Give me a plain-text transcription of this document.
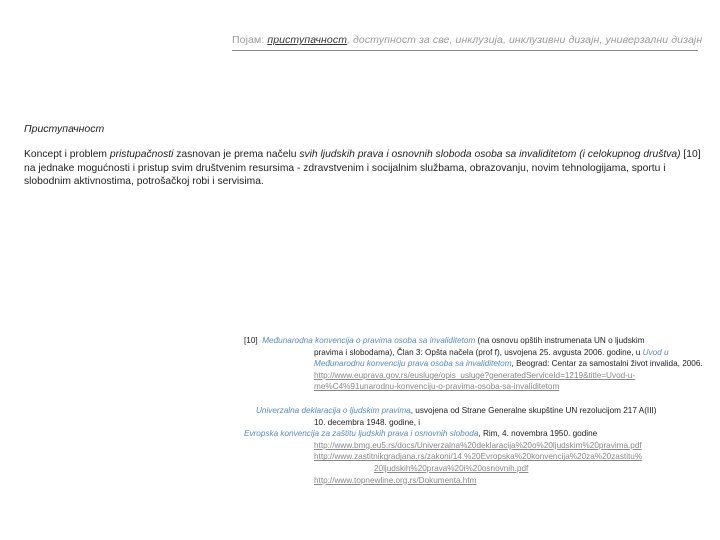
Појам: приступачност, доступност за све, инклузија, инклузивни дизајн, универзални дизајн
Приступачност
Koncept i problem pristupačnosti zasnovan je prema načelu svih ljudskih prava i osnovnih sloboda osoba sa invaliditetom (i celokupnog društva) [10] na jednake mogućnosti i pristup svim društvenim resursima - zdravstvenim i socijalnim službama, obrazovanju, novim tehnologijama, sportu i slobodnim aktivnostima, potrošačkoj robi i servisima.
[10] Međunarodna konvencija o pravima osoba sa invaliditetom (na osnovu opštih instrumenata UN o ljudskim
pravima i slobodama), Član 3: Opšta načela (prof f), usvojena 25. avgusta 2006. godine, u Uvod u
Međunarodnu konvenciju prava osoba sa invaliditetom, Beograd: Centar za samostalni život invalida, 2006.
http://www.euprava.gov.rs/eusluge/opis_usluge?generatedServiceId=1219&title=Uvod-u-
me%C4%91unarodnu-konvenciju-o-pravima-osoba-sa-invaliditetom
Univerzalna deklaracija o ljudskim pravima, usvojena od Strane Generalne skupštine UN rezolucijom 217 A(III)
10. decembra 1948. godine, i
Evropska konvencija za zaštitu ljudskih prava i osnovnih sloboda, Rim, 4. novembra 1950. godine
http://www.bmg.eu5.rs/docs/Univerzalna%20deklaracija%20o%20ljudskim%20pravima.pdf
http://www.zastitnikgradjana.rs/zakoni/14.%20Evropska%20konvencija%20za%20zastitu%
20ljudskih%20prava%20i%20osnovnih.pdf
http://www.topnewline.org.rs/Dokumenta.htm
